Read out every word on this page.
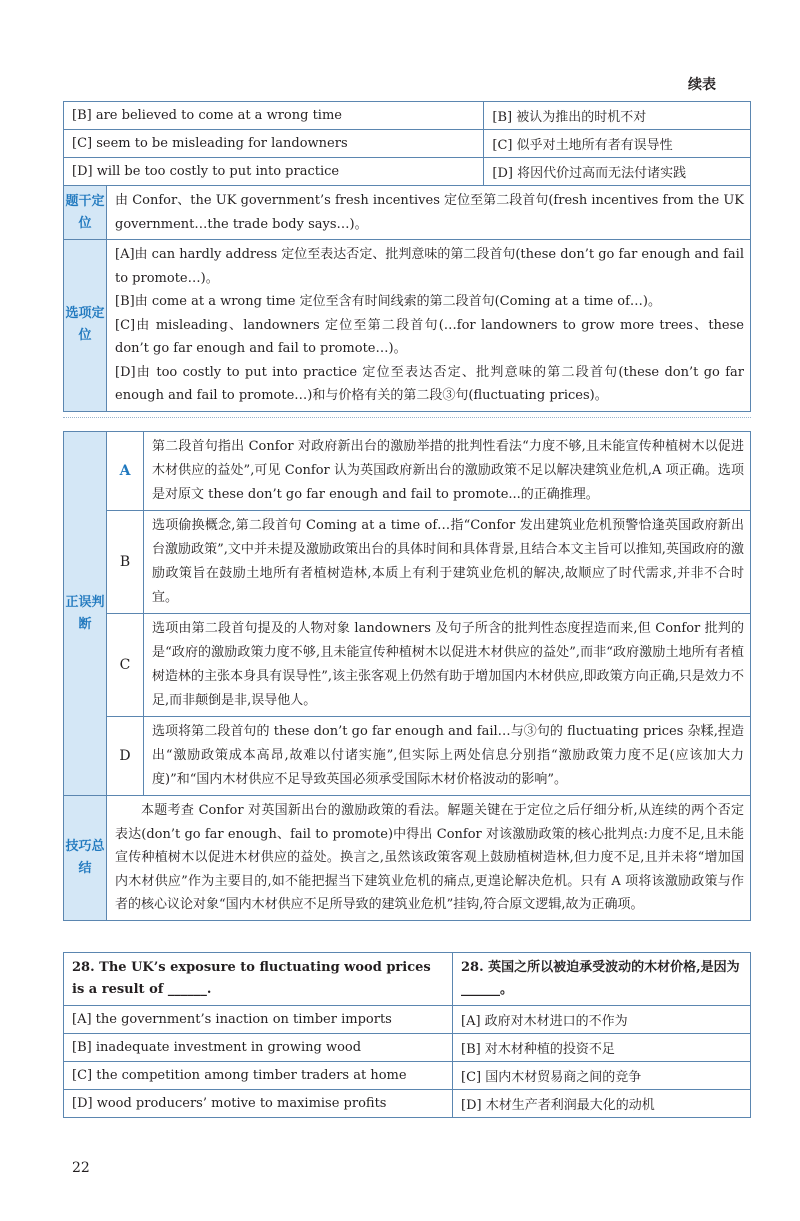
续表
[B] are believed to come at a wrong time		[B] 被认为推出的时机不对
[C] seem to be misleading for landowners		[C] 似乎对土地所有者有误导性
[D] will be too costly to put into practice		[D] 将因代价过高而无法付诸实践
题干定位	由 Confor、the UK government’s fresh incentives 定位至第二段首句(fresh incentives from the UK government…the trade body says…)。	
选项定位	[A]由 can hardly address 定位至表达否定、批判意味的第二段首句(these don’t go far enough and fail to promote…)。

[B]由 come at a wrong time 定位至含有时间线索的第二段首句(Coming at a time of…)。

[C]由 misleading、landowners 定位至第二段首句(…for landowners to grow more trees、these don’t go far enough and fail to promote…)。

[D]由 too costly to put into practice 定位至表达否定、批判意味的第二段首句(these don’t go far enough and fail to promote…)和与价格有关的第二段③句(fluctuating prices)。	

正误判断	A	第二段首句指出 Confor 对政府新出台的激励举措的批判性看法“力度不够,且未能宣传种植树木以促进木材供应的益处”,可见 Confor 认为英国政府新出台的激励政策不足以解决建筑业危机,A 项正确。选项是对原文 these don’t go far enough and fail to promote...的正确推理。
	B	选项偷换概念,第二段首句 Coming at a time of…指“Confor 发出建筑业危机预警恰逢英国政府新出台激励政策”,文中并未提及激励政策出台的具体时间和具体背景,且结合本文主旨可以推知,英国政府的激励政策旨在鼓励土地所有者植树造林,本质上有利于建筑业危机的解决,故顺应了时代需求,并非不合时宜。
	C	选项由第二段首句提及的人物对象 landowners 及句子所含的批判性态度捏造而来,但 Confor 批判的是“政府的激励政策力度不够,且未能宣传种植树木以促进木材供应的益处”,而非“政府激励土地所有者植树造林的主张本身具有误导性”,该主张客观上仍然有助于增加国内木材供应,即政策方向正确,只是效力不足,而非颠倒是非,误导他人。
	D	选项将第二段首句的 these don’t go far enough and fail…与③句的 fluctuating prices 杂糅,捏造出“激励政策成本高昂,故难以付诸实施”,但实际上两处信息分别指“激励政策力度不足(应该加大力度)”和“国内木材供应不足导致英国必须承受国际木材价格波动的影响”。
技巧总结	本题考查 Confor 对英国新出台的激励政策的看法。解题关键在于定位之后仔细分析,从连续的两个否定表达(don’t go far enough、fail to promote)中得出 Confor 对该激励政策的核心批判点:力度不足,且未能宣传种植树木以促进木材供应的益处。换言之,虽然该政策客观上鼓励植树造林,但力度不足,且并未将“增加国内木材供应”作为主要目的,如不能把握当下建筑业危机的痛点,更遑论解决危机。只有 A 项将该激励政策与作者的核心议论对象“国内木材供应不足所导致的建筑业危机”挂钩,符合原文逻辑,故为正确项。	
28. The UK’s exposure to fluctuating wood prices is a result of ______.	28. 英国之所以被迫承受波动的木材价格,是因为______。
[A] the government’s inaction on timber imports	[A] 政府对木材进口的不作为
[B] inadequate investment in growing wood	[B] 对木材种植的投资不足
[C] the competition among timber traders at home	[C] 国内木材贸易商之间的竞争
[D] wood producers’ motive to maximise profits	[D] 木材生产者利润最大化的动机
22
